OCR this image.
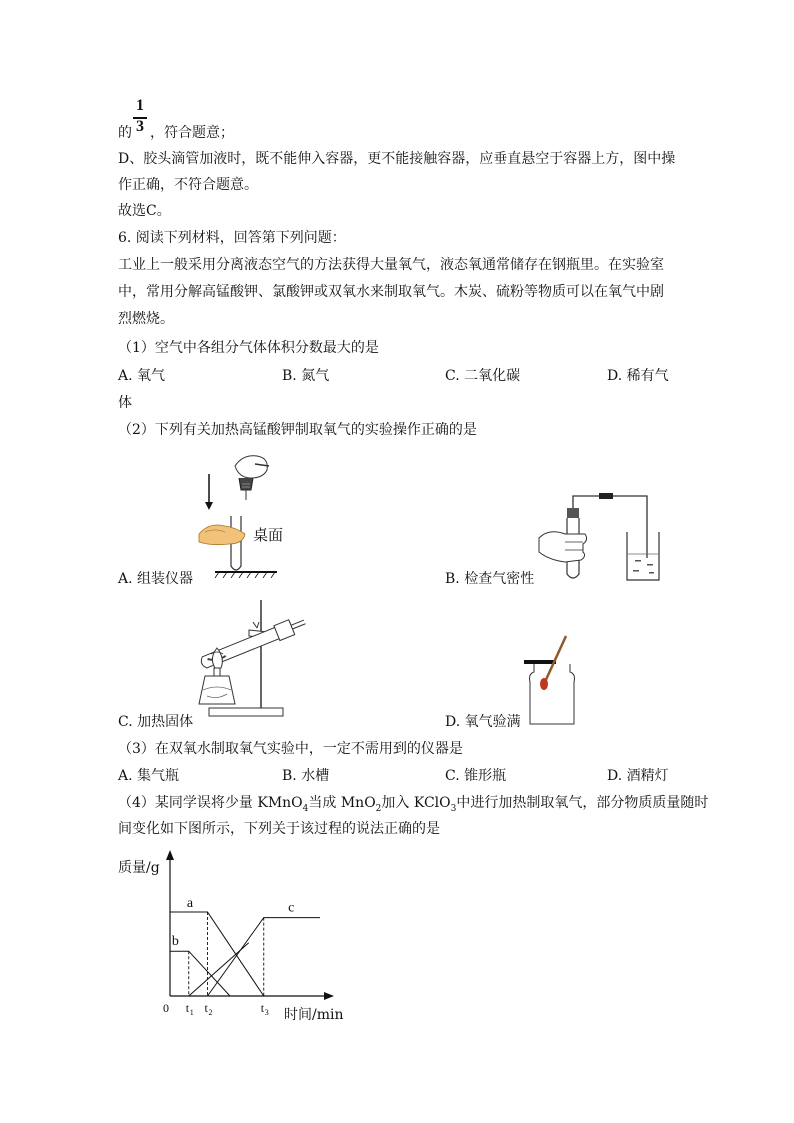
1
3
的 ，符合题意；
D、胶头滴管加液时，既不能伸入容器，更不能接触容器，应垂直悬空于容器上方，图中操
作正确，不符合题意。
故选C。
6. 阅读下列材料，回答第下列问题：
工业上一般采用分离液态空气的方法获得大量氧气，液态氧通常储存在钢瓶里。在实验室
中，常用分解高锰酸钾、氯酸钾或双氧水来制取氧气。木炭、硫粉等物质可以在氧气中剧
烈燃烧。
（1）空气中各组分气体体积分数最大的是
A. 氧气	B. 氮气	C. 二氧化碳	D. 稀有气
体
（2）下列有关加热高锰酸钾制取氧气的实验操作正确的是
桌面
A. 组装仪器	B. 检查气密性
C. 加热固体	D. 氧气验满
（3）在双氧水制取氧气实验中，一定不需用到的仪器是
A. 集气瓶	B. 水槽	C. 锥形瓶	D. 酒精灯
（4）某同学误将少量 KMnO$_4$当成 MnO$_2$加入 KClO$_3$中进行加热制取氧气，部分物质质量随时
间变化如下图所示，下列关于该过程的说法正确的是
质量/g
时间/min
a
b
c
0 t 1 t 2	t 3
